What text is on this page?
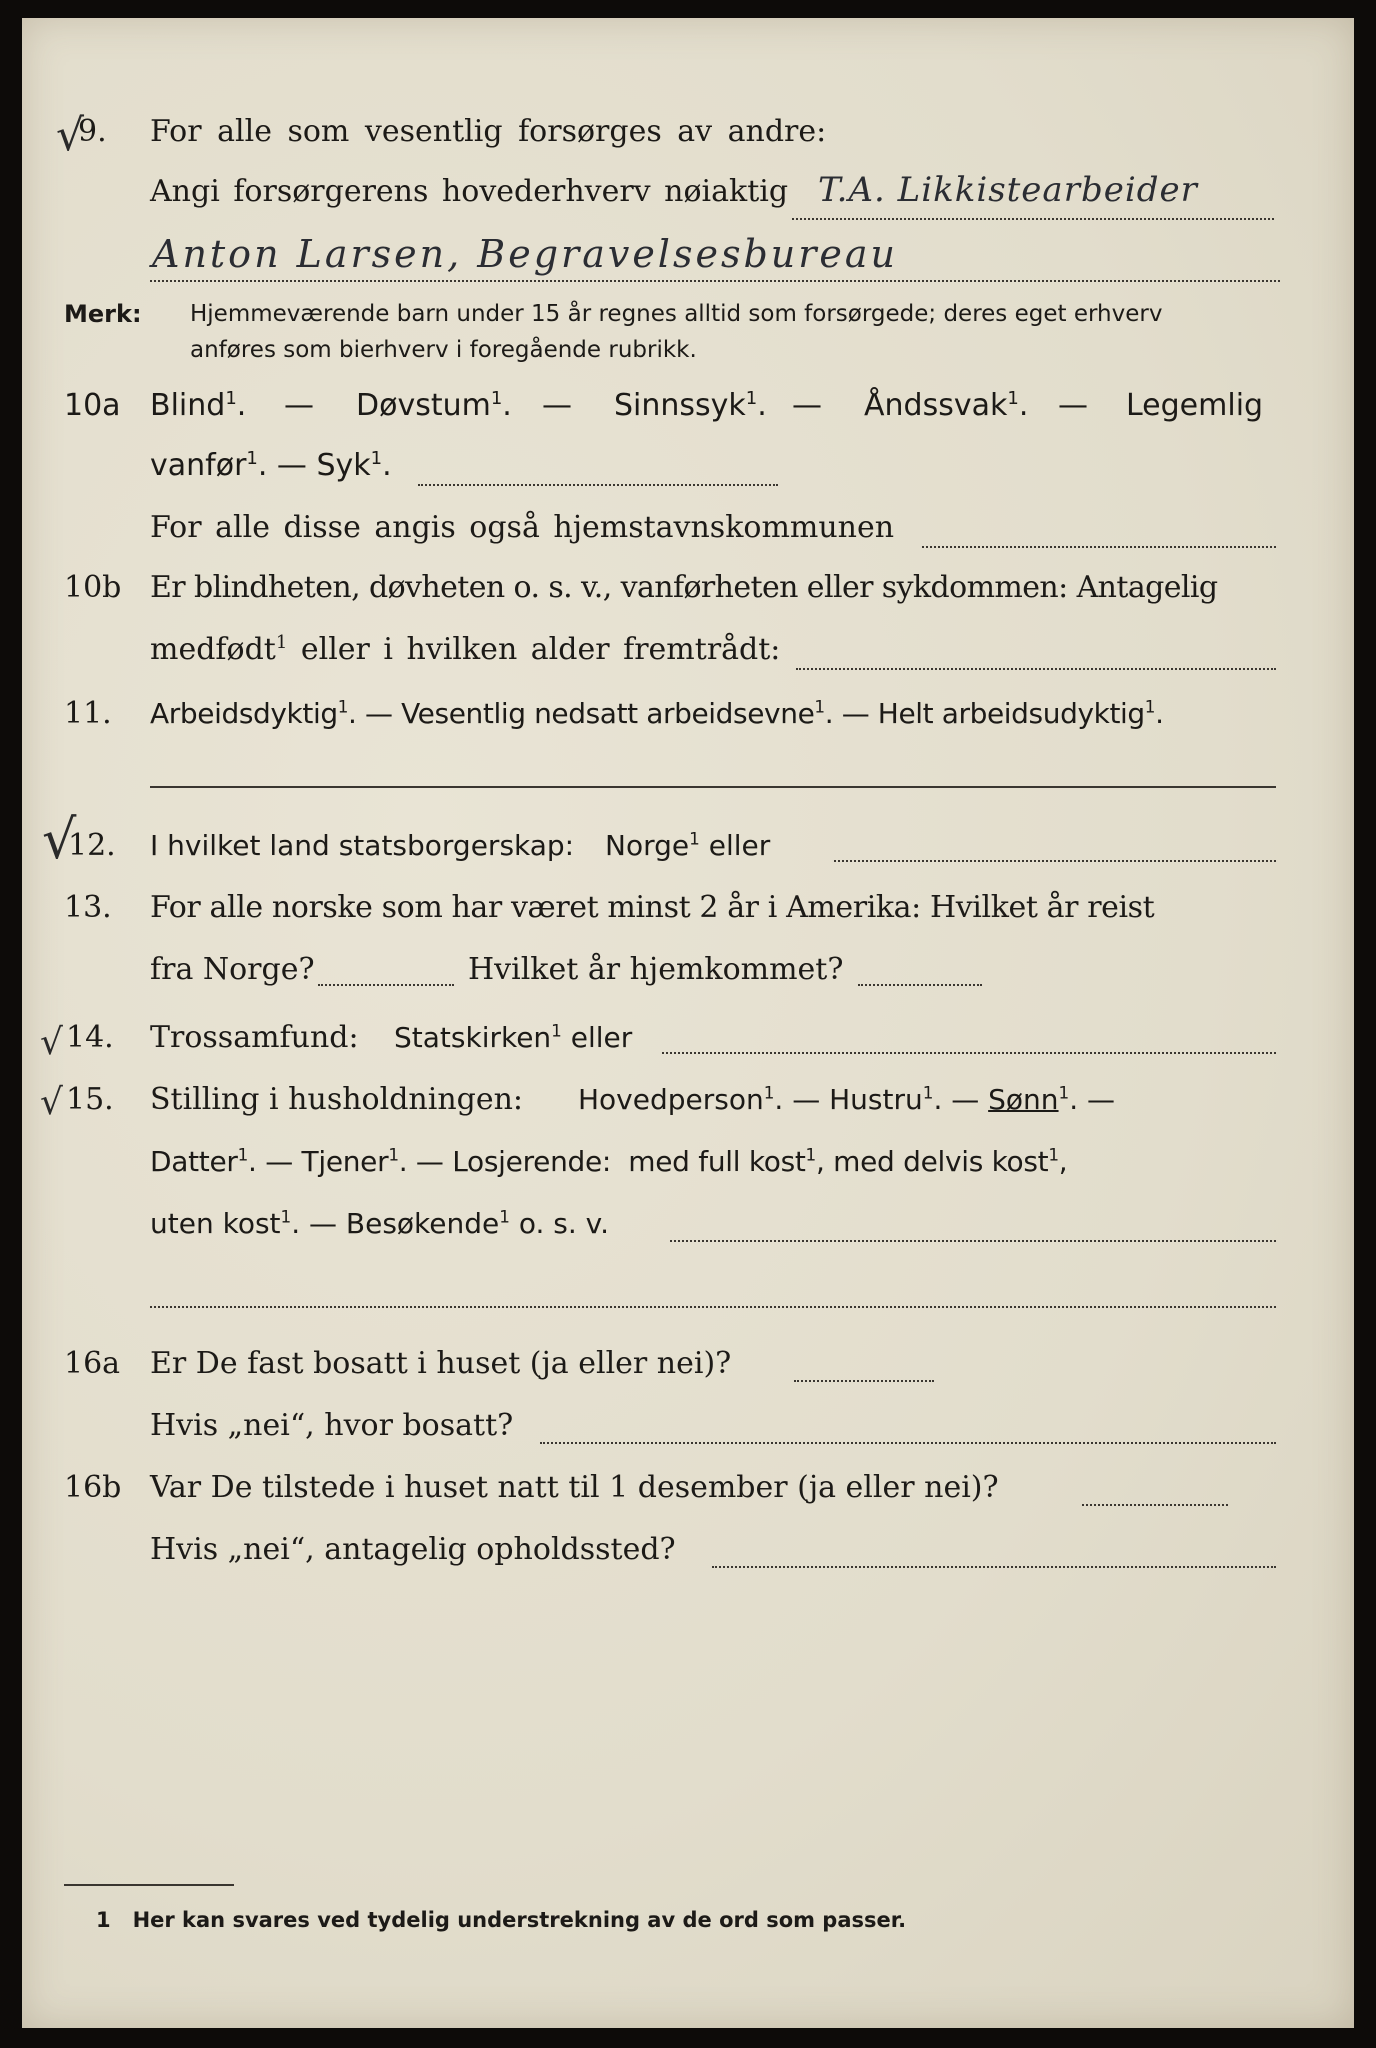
√
9. For alle som vesentlig forsørges av andre:
Angi forsørgerens hovederhverv nøiaktig T.A. Likkistearbeider
Anton Larsen, Begravelsesbureau
Merk: Hjemmeværende barn under 15 år regnes alltid som forsørgede; deres eget erhverv
anføres som bierhverv i foregående rubrikk.
10a Blind$^1$. — Døvstum$^1$. — Sinnssyk$^1$. — Åndssvak$^1$. — Legemlig
vanfør$^1$. — Syk$^1$.
For alle disse angis også hjemstavnskommunen
10b Er blindheten, døvheten o. s. v., vanførheten eller sykdommen: Antagelig
medfødt$^1$ eller i hvilken alder fremtrådt:
11. Arbeidsdyktig$^1$. — Vesentlig nedsatt arbeidsevne$^1$. — Helt arbeidsudyktig$^1$.
√
12. I hvilket land statsborgerskap: Norge$^1$ eller
13. For alle norske som har været minst 2 år i Amerika: Hvilket år reist
fra Norge?	Hvilket år hjemkommet?
√ 14. Trossamfund: Statskirken$^1$ eller
√ 15. Stilling i husholdningen: Hovedperson$^1$. — Hustru$^1$. — Sønn$^1$. —
Datter$^1$. — Tjener$^1$. — Losjerende: med full kost$^1$, med delvis kost$^1$,
uten kost$^1$. — Besøkende$^1$ o. s. v.
16a Er De fast bosatt i huset (ja eller nei)?
Hvis „nei“, hvor bosatt?
16b Var De tilstede i huset natt til 1 desember (ja eller nei)?
Hvis „nei“, antagelig opholdssted?
1 Her kan svares ved tydelig understrekning av de ord som passer.
